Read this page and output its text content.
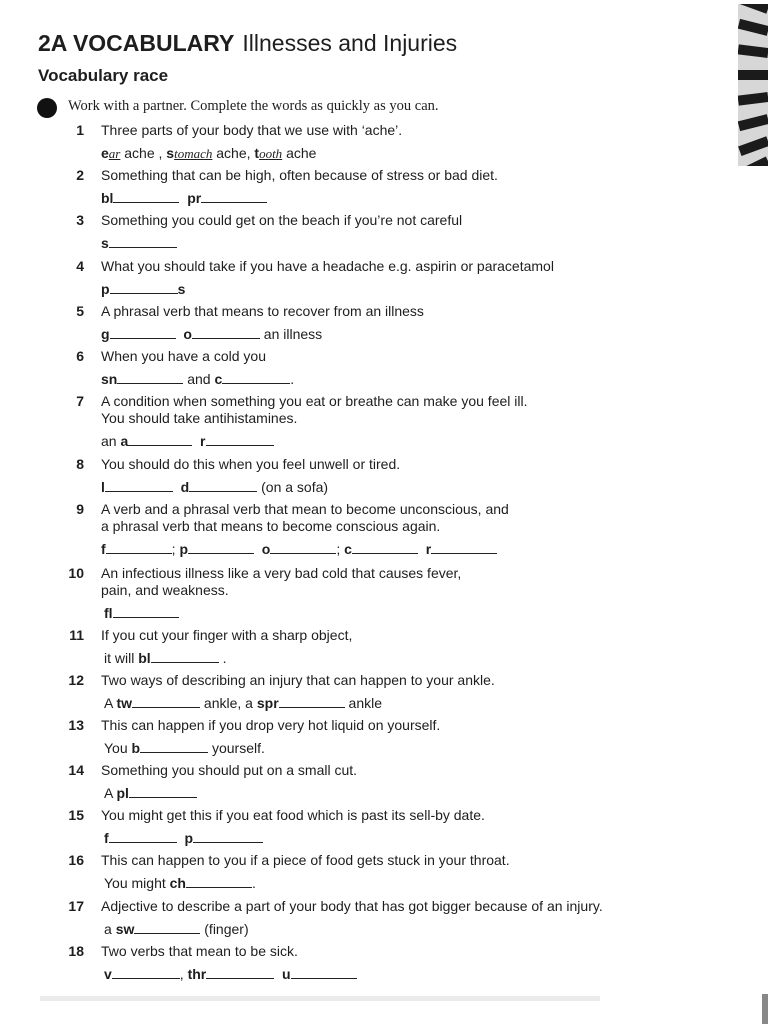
2A VOCABULARY Illnesses and Injuries
Vocabulary race
Work with a partner. Complete the words as quickly as you can.
1 Three parts of your body that we use with ‘ache’.
ear ache , stomach ache, tooth ache
2 Something that can be high, often because of stress or bad diet.
bl	pr
3 Something you could get on the beach if you’re not careful
s
4 What you should take if you have a headache e.g. aspirin or paracetamol
p	s
5 A phrasal verb that means to recover from an illness
g	o	an illness
6 When you have a cold you
sn	and c	.
7 A condition when something you eat or breathe can make you feel ill.
You should take antihistamines.
an a	r
8 You should do this when you feel unwell or tired.
l	d	(on a sofa)
9 A verb and a phrasal verb that mean to become unconscious, and
a phrasal verb that means to become conscious again.
f	; p	o	; c	r
10 An infectious illness like a very bad cold that causes fever,
pain, and weakness.
fl
11 If you cut your finger with a sharp object,
it will bl	.
12 Two ways of describing an injury that can happen to your ankle.
A tw	ankle, a spr	ankle
13 This can happen if you drop very hot liquid on yourself.
You b	yourself.
14 Something you should put on a small cut.
A pl
15 You might get this if you eat food which is past its sell-by date.
f	p
16 This can happen to you if a piece of food gets stuck in your throat.
You might ch	.
17 Adjective to describe a part of your body that has got bigger because of an injury.
a sw	(finger)
18 Two verbs that mean to be sick.
v	, thr	u
